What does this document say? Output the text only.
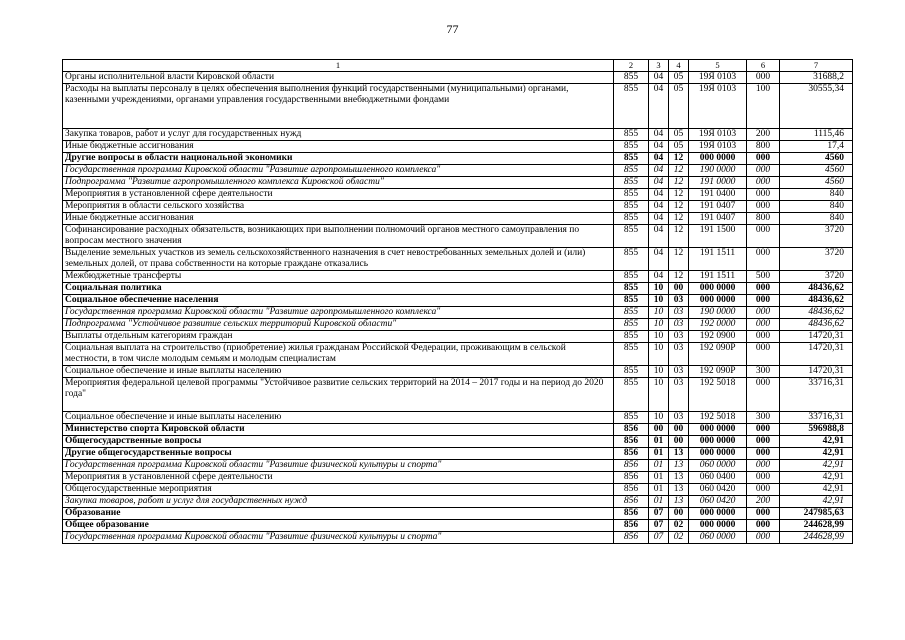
77
1	2	3	4	5	6	7
Органы исполнительной власти Кировской области	855	04	05	19Я 0103	000	31688,2
Расходы на выплаты персоналу в целях обеспечения выполнения функций государственными (муниципальными) органами, казенными учреждениями, органами управления государственными внебюджетными фондами	855	04	05	19Я 0103	100	30555,34
Закупка товаров, работ и услуг для государственных нужд	855	04	05	19Я 0103	200	1115,46
Иные бюджетные ассигнования	855	04	05	19Я 0103	800	17,4
Другие вопросы в области национальной экономики	855	04	12	000 0000	000	4560
Государственная программа Кировской области "Развитие агропромышленного комплекса"	855	04	12	190 0000	000	4560
Подпрограмма "Развитие агропромышленного комплекса Кировской области"	855	04	12	191 0000	000	4560
Мероприятия в установленной сфере деятельности	855	04	12	191 0400	000	840
Мероприятия в области сельского хозяйства	855	04	12	191 0407	000	840
Иные бюджетные ассигнования	855	04	12	191 0407	800	840
Софинансирование расходных обязательств, возникающих при выполнении полномочий органов местного самоуправления по вопросам местного значения	855	04	12	191 1500	000	3720
Выделение земельных участков из земель сельскохозяйственного назначения в счет невостребованных земельных долей и (или) земельных долей, от права собственности на которые граждане отказались	855	04	12	191 1511	000	3720
Межбюджетные трансферты	855	04	12	191 1511	500	3720
Социальная политика	855	10	00	000 0000	000	48436,62
Социальное обеспечение населения	855	10	03	000 0000	000	48436,62
Государственная программа Кировской области "Развитие агропромышленного комплекса"	855	10	03	190 0000	000	48436,62
Подпрограмма "Устойчивое развитие сельских территорий Кировской области"	855	10	03	192 0000	000	48436,62
Выплаты отдельным категориям граждан	855	10	03	192 0900	000	14720,31
Социальная выплата на строительство (приобретение) жилья гражданам Российской Федерации, проживающим в сельской местности, в том числе молодым семьям и молодым специалистам	855	10	03	192 090Р	000	14720,31
Социальное обеспечение и иные выплаты населению	855	10	03	192 090Р	300	14720,31
Мероприятия федеральной целевой программы "Устойчивое развитие сельских территорий на 2014 – 2017 годы и на период до 2020 года"	855	10	03	192 5018	000	33716,31
Социальное обеспечение и иные выплаты населению	855	10	03	192 5018	300	33716,31
Министерство спорта Кировской области	856	00	00	000 0000	000	596988,8
Общегосударственные вопросы	856	01	00	000 0000	000	42,91
Другие общегосударственные вопросы	856	01	13	000 0000	000	42,91
Государственная программа Кировской области "Развитие физической культуры и спорта"	856	01	13	060 0000	000	42,91
Мероприятия в установленной сфере деятельности	856	01	13	060 0400	000	42,91
Общегосударственные мероприятия	856	01	13	060 0420	000	42,91
Закупка товаров, работ и услуг для государственных нужд	856	01	13	060 0420	200	42,91
Образование	856	07	00	000 0000	000	247985,63
Общее образование	856	07	02	000 0000	000	244628,99
Государственная программа Кировской области "Развитие физической культуры и спорта"	856	07	02	060 0000	000	244628,99
